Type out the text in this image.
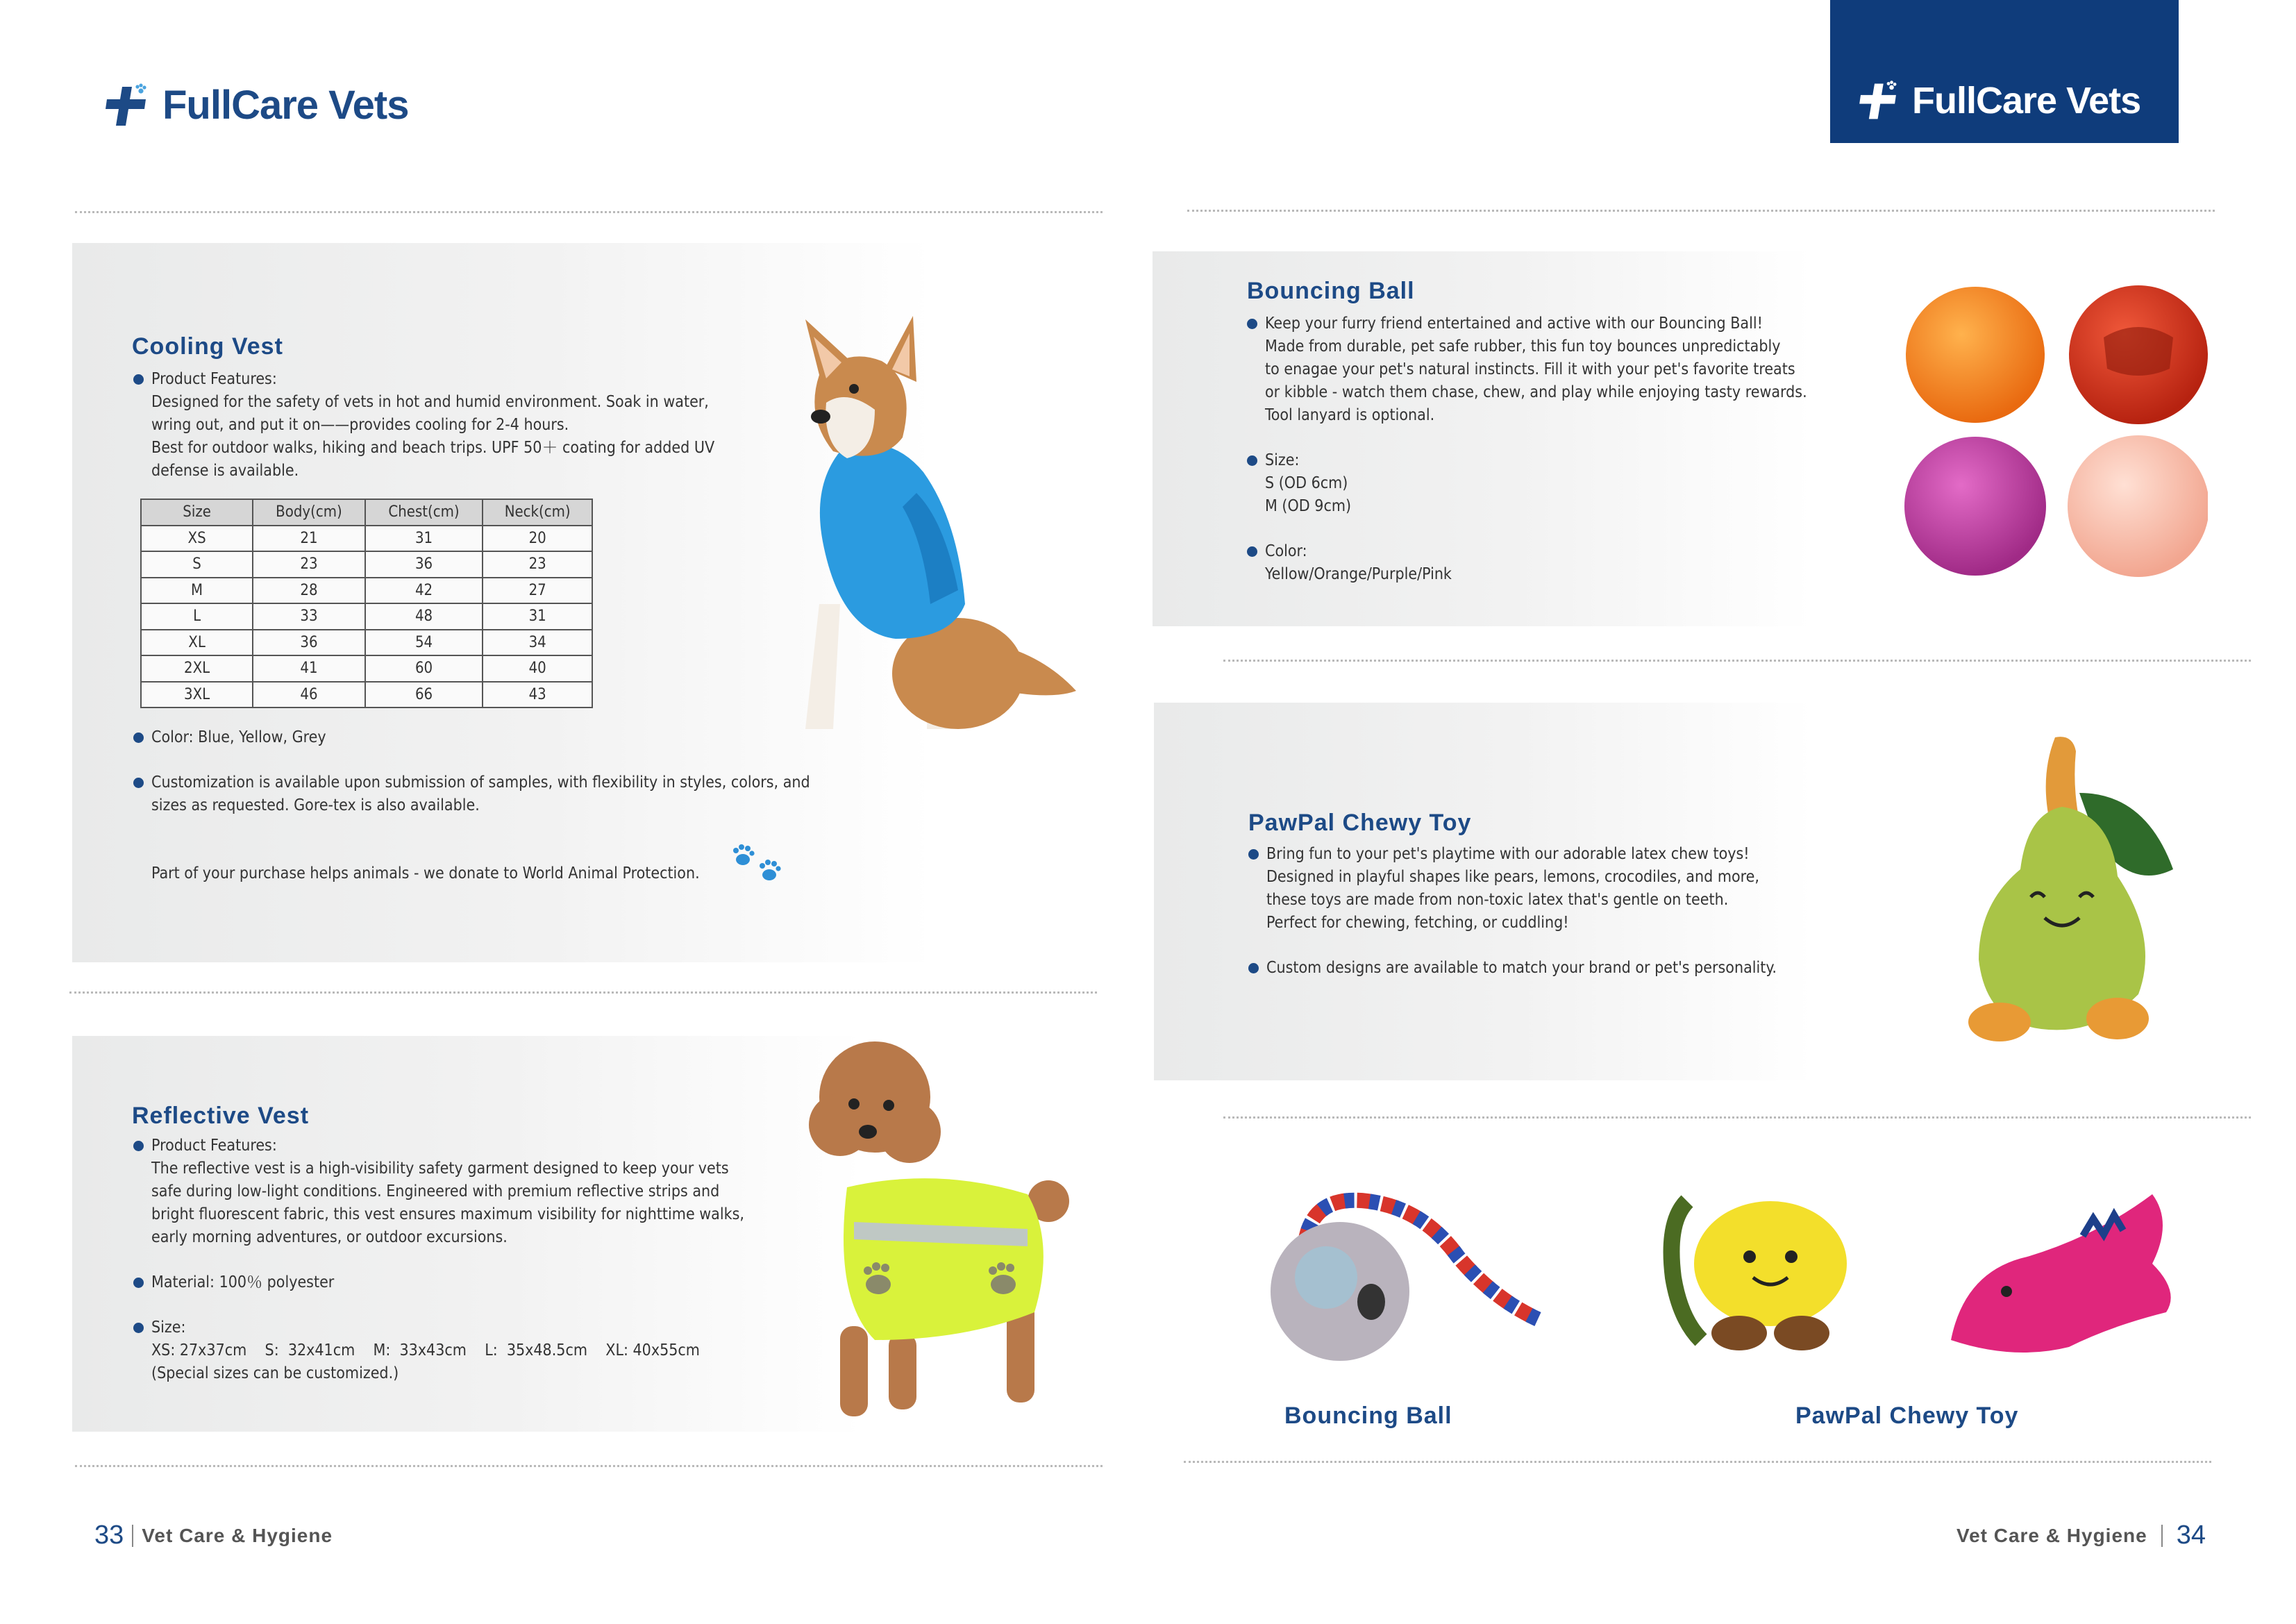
FullCare Vets	FullCare Vets
Cooling Vest
Product Features:
Designed for the safety of vets in hot and humid environment. Soak in water,
wring out, and put it on——provides cooling for 2-4 hours.
Best for outdoor walks, hiking and beach trips. UPF 50＋ coating for added UV
defense is available.
Size	Body(cm)	Chest(cm)	Neck(cm)
XS	21	31	20
S	23	36	23
M	28	42	27
L	33	48	31
XL	36	54	34
2XL	41	60	40
3XL	46	66	43
Color: Blue, Yellow, Grey
Customization is available upon submission of samples, with flexibility in styles, colors, and
sizes as requested. Gore-tex is also available.
Part of your purchase helps animals - we donate to World Animal Protection.
Reflective Vest
Product Features:
The reflective vest is a high-visibility safety garment designed to keep your vets
safe during low-light conditions. Engineered with premium reflective strips and
bright fluorescent fabric, this vest ensures maximum visibility for nighttime walks,
early morning adventures, or outdoor excursions.
Material: 100％ polyester
Size:
XS: 27x37cm    S:  32x41cm    M:  33x43cm    L:  35x48.5cm    XL: 40x55cm
(Special sizes can be customized.)
Bouncing Ball
Keep your furry friend entertained and active with our Bouncing Ball!
Made from durable, pet safe rubber, this fun toy bounces unpredictably
to enagae your pet's natural instincts. Fill it with your pet's favorite treats
or kibble - watch them chase, chew, and play while enjoying tasty rewards.
Tool lanyard is optional.
Size:
S (OD 6cm)
M (OD 9cm)
Color:
Yellow/Orange/Purple/Pink
PawPal Chewy Toy
Bring fun to your pet's playtime with our adorable latex chew toys!
Designed in playful shapes like pears, lemons, crocodiles, and more,
these toys are made from non-toxic latex that's gentle on teeth.
Perfect for chewing, fetching, or cuddling!
Custom designs are available to match your brand or pet's personality.
Bouncing Ball	PawPal Chewy Toy
33 Vet Care & Hygiene	Vet Care & Hygiene 34
